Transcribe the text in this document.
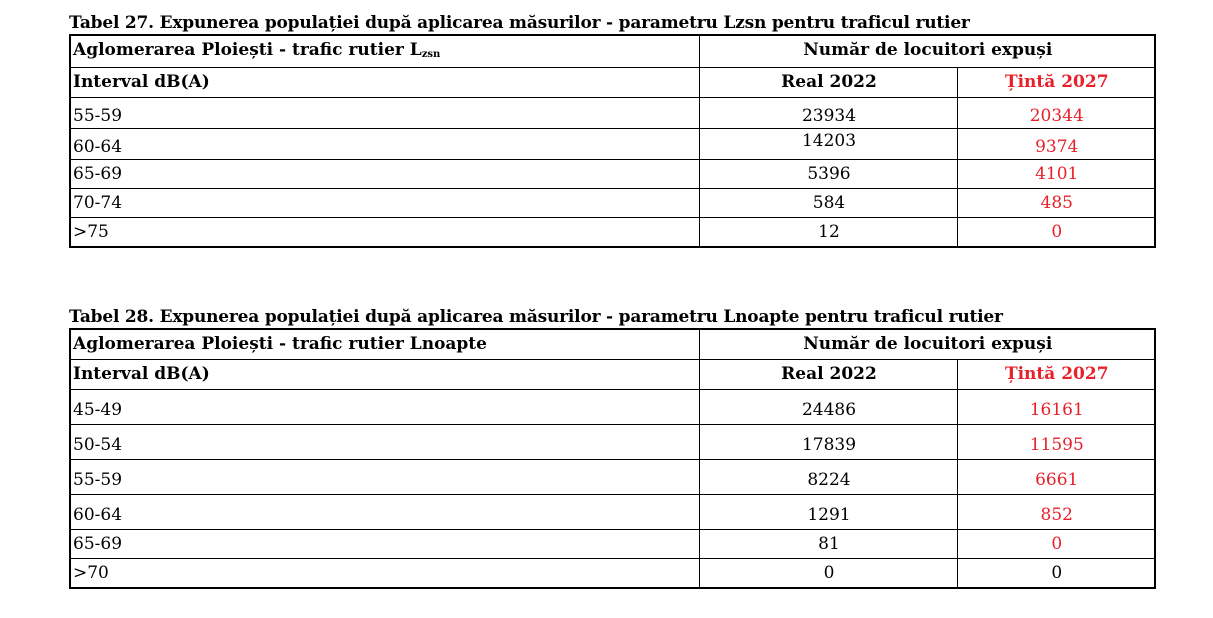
Tabel 27. Expunerea populației după aplicarea măsurilor - parametru Lzsn pentru traficul rutier
Aglomerarea Ploiești - trafic rutier $L_{zsn}$	Număr de locuitori expuși	
Interval dB(A)	Real 2022	Țintă 2027
55-59	23934	20344
60-64	14203	9374
65-69	5396	4101
70-74	584	485
>75	12	0
Tabel 28. Expunerea populației după aplicarea măsurilor - parametru Lnoapte pentru traficul rutier
Aglomerarea Ploiești - trafic rutier Lnoapte	Număr de locuitori expuși	
Interval dB(A)	Real 2022	Țintă 2027
45-49	24486	16161
50-54	17839	11595
55-59	8224	6661
60-64	1291	852
65-69	81	0
>70	0	0
